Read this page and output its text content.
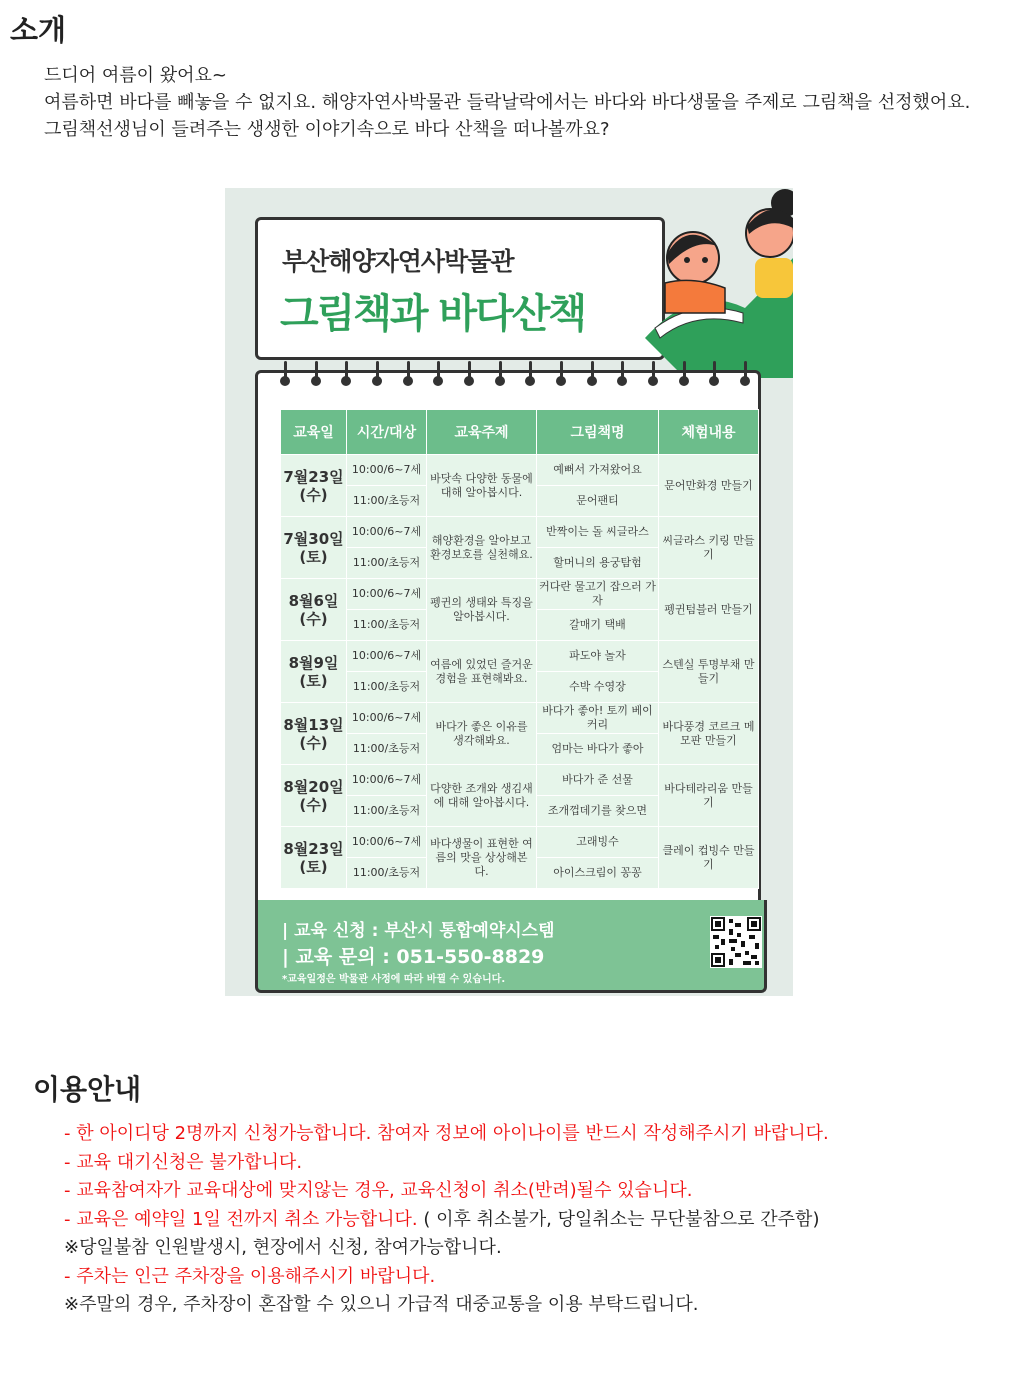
소개

드디어 여름이 왔어요~

여름하면 바다를 빼놓을 수 없지요. 해양자연사박물관 들락날락에서는 바다와 바다생물을 주제로 그림책을 선정했어요.

그림책선생님이 들려주는 생생한 이야기속으로 바다 산책을 떠나볼까요?

부산해양자연사박물관
그림책과 바다산책
교육일	시간/대상	교육주제	그림책명	체험내용

7월23일
(수)	10:00/6~7세	바닷속 다양한 동물에 대해 알아봅시다.	예뻐서 가져왔어요	문어만화경 만들기
	11:00/초등저		문어팬티	

7월30일
(토)	10:00/6~7세	해양환경을 알아보고 환경보호를 실천해요.	반짝이는 돌 씨글라스	씨글라스 키링 만들기
	11:00/초등저		할머니의 용궁탐험	

8월6일
(수)	10:00/6~7세	펭귄의 생태와 특징을 알아봅시다.	커다란 물고기 잡으러 가자	펭귄텀블러 만들기
	11:00/초등저		갈매기 택배	

8월9일
(토)	10:00/6~7세	여름에 있었던 즐거운 경험을 표현해봐요.	파도야 놀자	스텐실 투명부채 만들기
	11:00/초등저		수박 수영장	

8월13일
(수)	10:00/6~7세	바다가 좋은 이유를 생각해봐요.	바다가 좋아! 토끼 베이커리	바다풍경 코르크 메모판 만들기
	11:00/초등저		엄마는 바다가 좋아	

8월20일
(수)	10:00/6~7세	다양한 조개와 생김새에 대해 알아봅시다.	바다가 준 선물	바다테라리움 만들기
	11:00/초등저		조개껍데기를 찾으면	

8월23일
(토)	10:00/6~7세	바다생물이 표현한 여름의 맛을 상상해본다.	고래빙수	클레이 컵빙수 만들기
	11:00/초등저		아이스크림이 꽁꽁	
| 교육 신청 : 부산시 통합예약시스템
| 교육 문의 : 051-550-8829
*교육일정은 박물관 사정에 따라 바뀔 수 있습니다.
이용안내

- 한 아이디당 2명까지 신청가능합니다. 참여자 정보에 아이나이를 반드시 작성해주시기 바랍니다.

- 교육 대기신청은 불가합니다.

- 교육참여자가 교육대상에 맞지않는 경우, 교육신청이 취소(반려)될수 있습니다.

- 교육은 예약일 1일 전까지 취소 가능합니다. ( 이후 취소불가, 당일취소는 무단불참으로 간주함)

※당일불참 인원발생시, 현장에서 신청, 참여가능합니다.

- 주차는 인근 주차장을 이용해주시기 바랍니다.

※주말의 경우, 주차장이 혼잡할 수 있으니 가급적 대중교통을 이용 부탁드립니다.
